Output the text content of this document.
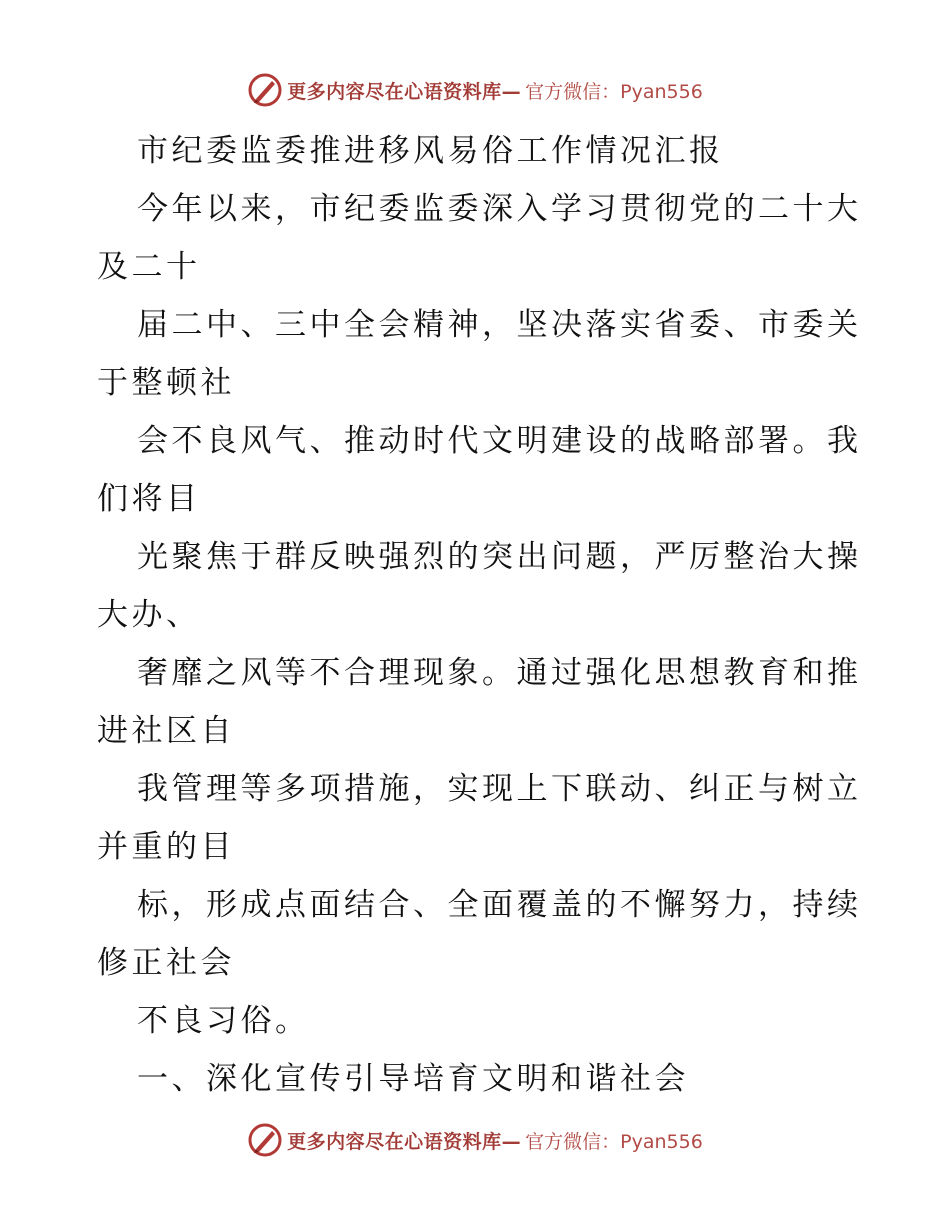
更多内容尽在心语资料库— 官方微信：Pyan556
市纪委监委推进移风易俗工作情况汇报
今年以来，市纪委监委深入学习贯彻党的二十大
及二十
届二中、三中全会精神，坚决落实省委、市委关
于整顿社
会不良风气、推动时代文明建设的战略部署。我
们将目
光聚焦于群反映强烈的突出问题，严厉整治大操
大办、
奢靡之风等不合理现象。通过强化思想教育和推
进社区自
我管理等多项措施，实现上下联动、纠正与树立
并重的目
标，形成点面结合、全面覆盖的不懈努力，持续
修正社会
不良习俗。
一、深化宣传引导培育文明和谐社会
更多内容尽在心语资料库— 官方微信：Pyan556
